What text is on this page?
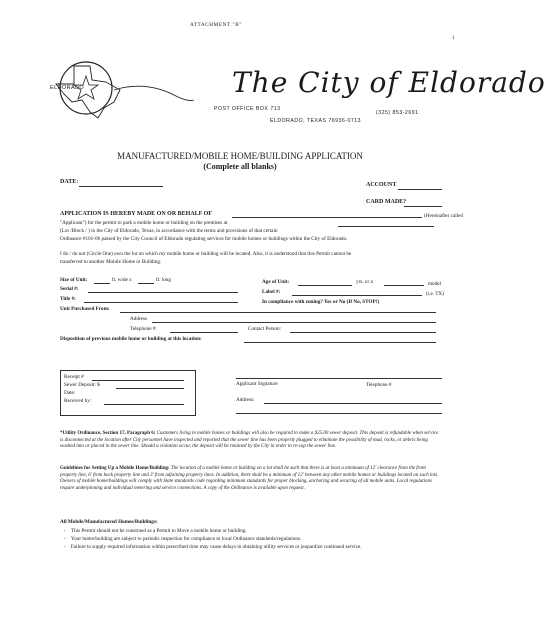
ATTACHMENT "B"
1
ELDORADO	The City of Eldorado
POST OFFICE BOX 713
(325) 853-2691
ELDORADO, TEXAS 76936-0713
MANUFACTURED/MOBILE HOME/BUILDING APPLICATION
(Complete all blanks)
DATE:	ACCOUNT
CARD MADE?
APPLICATION IS HEREBY MADE ON OR BEHALF OF	(Hereinafter called
"Applicant") for the permit to park a mobile home or building on the premises at
(Lot /Block / ) in the City of Eldorado, Texas, in accordance with the terms and provisions of that certain
Ordinance #101-06 passed by the City Council of Eldorado regulating services for mobile homes or buildings within the City of Eldorado.
I do / do not (Circle One) own the lot on which my mobile home or building will be located. Also, it is understood that this Permit cannot be
transferred to another Mobile Home or Building.
Size of Unit:	ft. wide x	ft. long	Age of Unit:	yrs. or a	model
Serial #:	Label #:	(i.e. TX)
Title #:	In compliance with zoning? Yes or No (If No, STOP!)
Unit Purchased From:
Address
Telephone #:	Contact Person:
Disposition of previous mobile home or building at this location:
Receipt #
Sewer Deposit: $
Date:
Received by:
Applicant Signature	Telephone #
Address:
*Utility Ordinance, Section 17, Paragraph 6: Customers living in mobile homes or buildings will also be required to make a $25.00 sewer deposit. This deposit is refundable when service is disconnected at the location after City personnel have inspected and reported that the sewer line has been properly plugged to eliminate the possibility of mud, rocks, or debris being washed into or placed in the sewer line. Should a violation occur, the deposit will be retained by the City in order to re-cap the sewer line.
Guidelines for Setting Up a Mobile Home/Building: The location of a mobile home or building on a lot shall be such that there is at least a minimum of 12' clearance from the front property line, 6' from back property line and 3' from adjoining property lines. In addition, there shall be a minimum of 12' between any other mobile homes or buildings located on such lots. Owners of mobile home/buildings will comply with State standards code regarding minimum standards for proper blocking, anchoring and securing of all mobile units. Local regulations require underpinning and individual metering and service connections. A copy of the Ordinance is available upon request.
All Mobile/Manufactured Homes/Buildings:
-    This Permit should not be construed as a Permit to Move a mobile home or building.
-    Your home/building are subject to periodic inspection for compliance to local Ordinance standards/regulations.
-    Failure to supply required information within prescribed time may cause delays in obtaining utility services or jeopardize continued service.
